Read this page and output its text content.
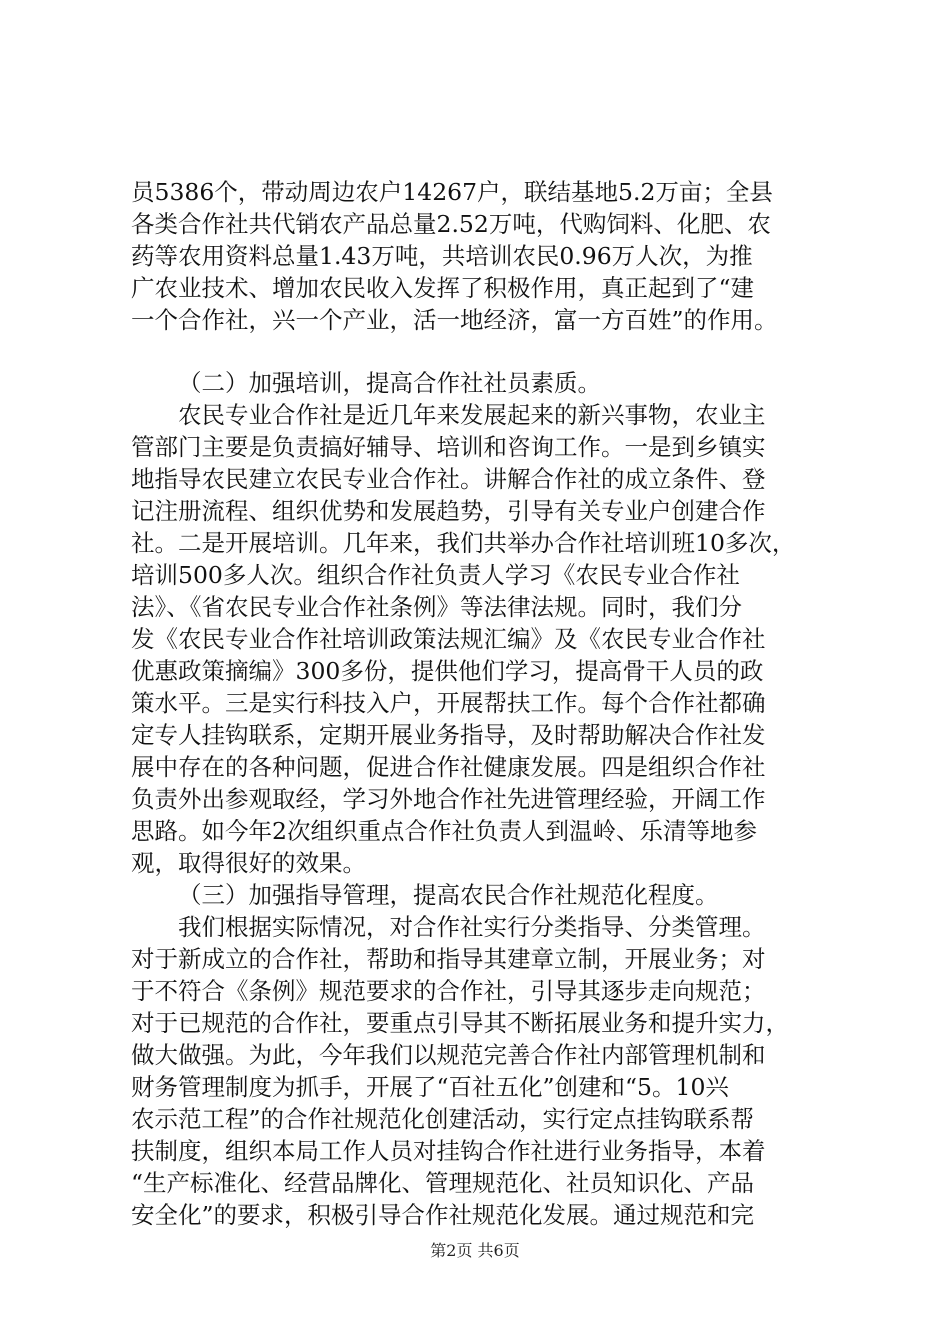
员5386个，带动周边农户14267户，联结基地5.2万亩；全县
各类合作社共代销农产品总量2.52万吨，代购饲料、化肥、农
药等农用资料总量1.43万吨，共培训农民0.96万人次，为推
广农业技术、增加农民收入发挥了积极作用，真正起到了“建
一个合作社，兴一个产业，活一地经济，富一方百姓”的作用。
（二）加强培训，提高合作社社员素质。
农民专业合作社是近几年来发展起来的新兴事物，农业主
管部门主要是负责搞好辅导、培训和咨询工作。一是到乡镇实
地指导农民建立农民专业合作社。讲解合作社的成立条件、登
记注册流程、组织优势和发展趋势，引导有关专业户创建合作
社。二是开展培训。几年来，我们共举办合作社培训班10多次，
培训500多人次。组织合作社负责人学习《农民专业合作社
法》、《省农民专业合作社条例》等法律法规。同时，我们分
发《农民专业合作社培训政策法规汇编》及《农民专业合作社
优惠政策摘编》300多份，提供他们学习，提高骨干人员的政
策水平。三是实行科技入户，开展帮扶工作。每个合作社都确
定专人挂钩联系，定期开展业务指导，及时帮助解决合作社发
展中存在的各种问题，促进合作社健康发展。四是组织合作社
负责外出参观取经，学习外地合作社先进管理经验，开阔工作
思路。如今年2次组织重点合作社负责人到温岭、乐清等地参
观，取得很好的效果。
（三）加强指导管理，提高农民合作社规范化程度。
我们根据实际情况，对合作社实行分类指导、分类管理。
对于新成立的合作社，帮助和指导其建章立制，开展业务；对
于不符合《条例》规范要求的合作社，引导其逐步走向规范；
对于已规范的合作社，要重点引导其不断拓展业务和提升实力，
做大做强。为此，今年我们以规范完善合作社内部管理机制和
财务管理制度为抓手，开展了“百社五化”创建和“5。10兴
农示范工程”的合作社规范化创建活动，实行定点挂钩联系帮
扶制度，组织本局工作人员对挂钩合作社进行业务指导，本着
“生产标准化、经营品牌化、管理规范化、社员知识化、产品
安全化”的要求，积极引导合作社规范化发展。通过规范和完
第2页 共6页
